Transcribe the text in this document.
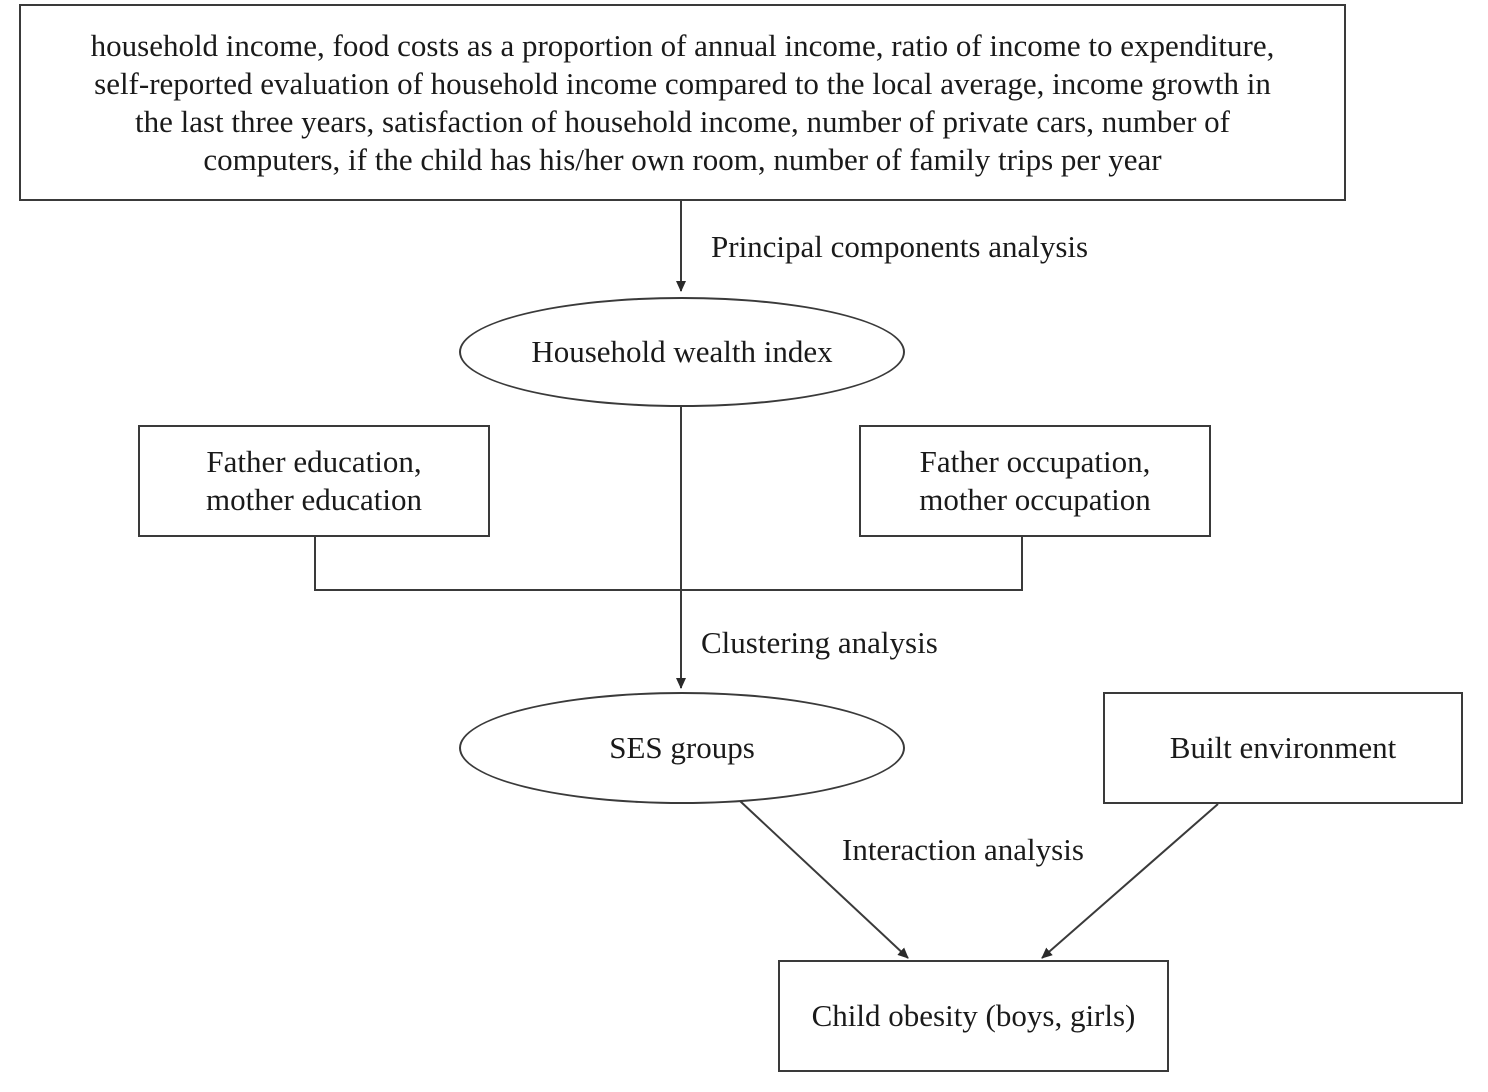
household income, food costs as a proportion of annual income, ratio of income to expenditure,
self-reported evaluation of household income compared to the local average, income growth in
the last three years, satisfaction of household income, number of private cars, number of
computers, if the child has his/her own room, number of family trips per year
Principal components analysis
Household wealth index
Father education,
mother education
Father occupation,
mother occupation
Clustering analysis
SES groups	Built environment
Interaction analysis
Child obesity (boys, girls)
